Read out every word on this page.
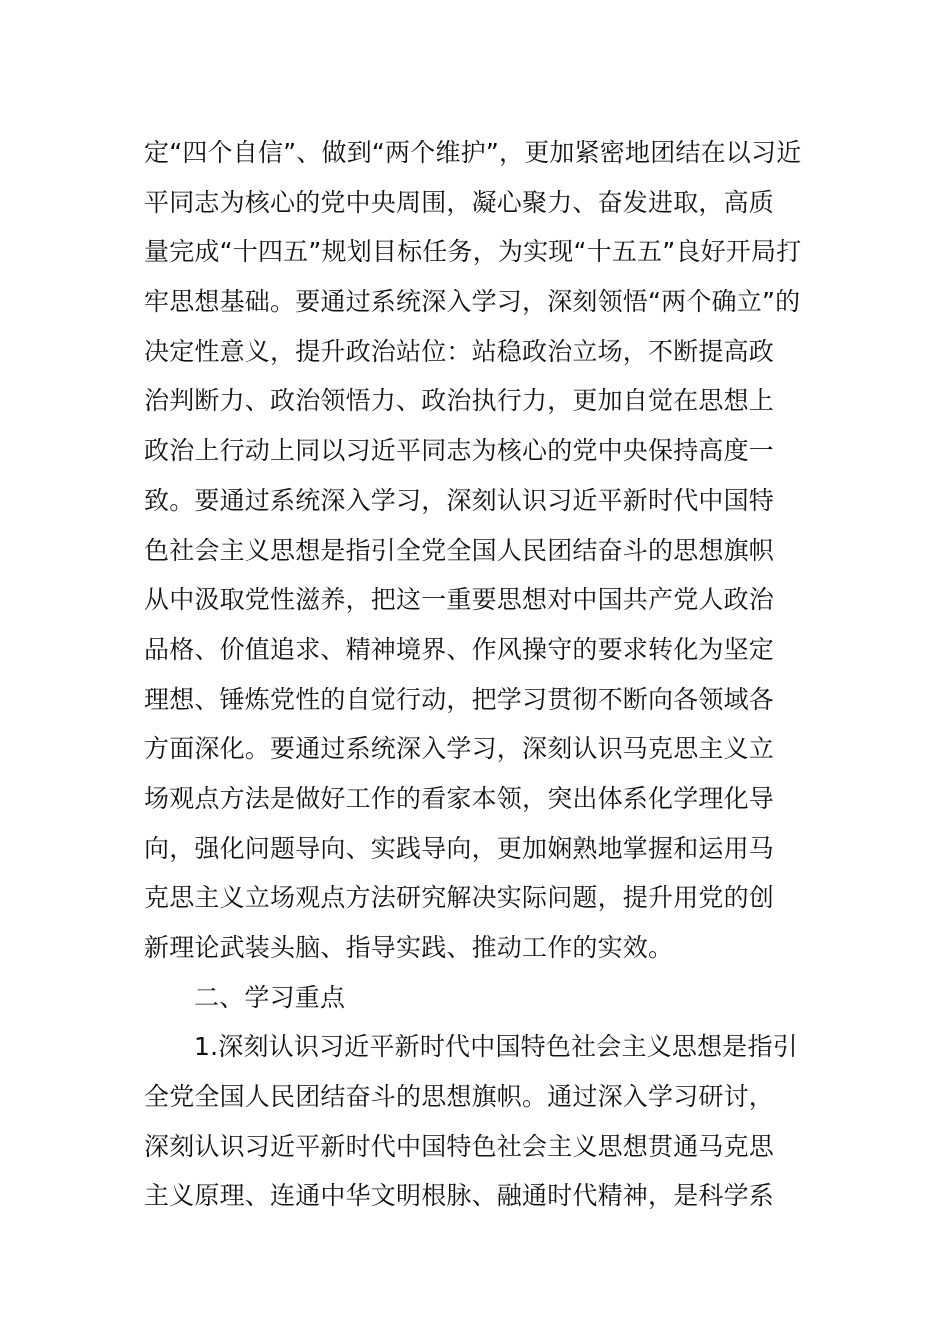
定“四个自信”、做到“两个维护”，更加紧密地团结在以习近
平同志为核心的党中央周围，凝心聚力、奋发进取，高质
量完成“十四五”规划目标任务，为实现“十五五”良好开局打
牢思想基础。要通过系统深入学习，深刻领悟“两个确立”的
决定性意义，提升政治站位：站稳政治立场，不断提高政
治判断力、政治领悟力、政治执行力，更加自觉在思想上
政治上行动上同以习近平同志为核心的党中央保持高度一
致。要通过系统深入学习，深刻认识习近平新时代中国特
色社会主义思想是指引全党全国人民团结奋斗的思想旗帜
从中汲取党性滋养，把这一重要思想对中国共产党人政治
品格、价值追求、精神境界、作风操守的要求转化为坚定
理想、锤炼党性的自觉行动，把学习贯彻不断向各领域各
方面深化。要通过系统深入学习，深刻认识马克思主义立
场观点方法是做好工作的看家本领，突出体系化学理化导
向，强化问题导向、实践导向，更加娴熟地掌握和运用马
克思主义立场观点方法研究解决实际问题，提升用党的创
新理论武装头脑、指导实践、推动工作的实效。
二、学习重点
1.深刻认识习近平新时代中国特色社会主义思想是指引
全党全国人民团结奋斗的思想旗帜。通过深入学习研讨，
深刻认识习近平新时代中国特色社会主义思想贯通马克思
主义原理、连通中华文明根脉、融通时代精神，是科学系
